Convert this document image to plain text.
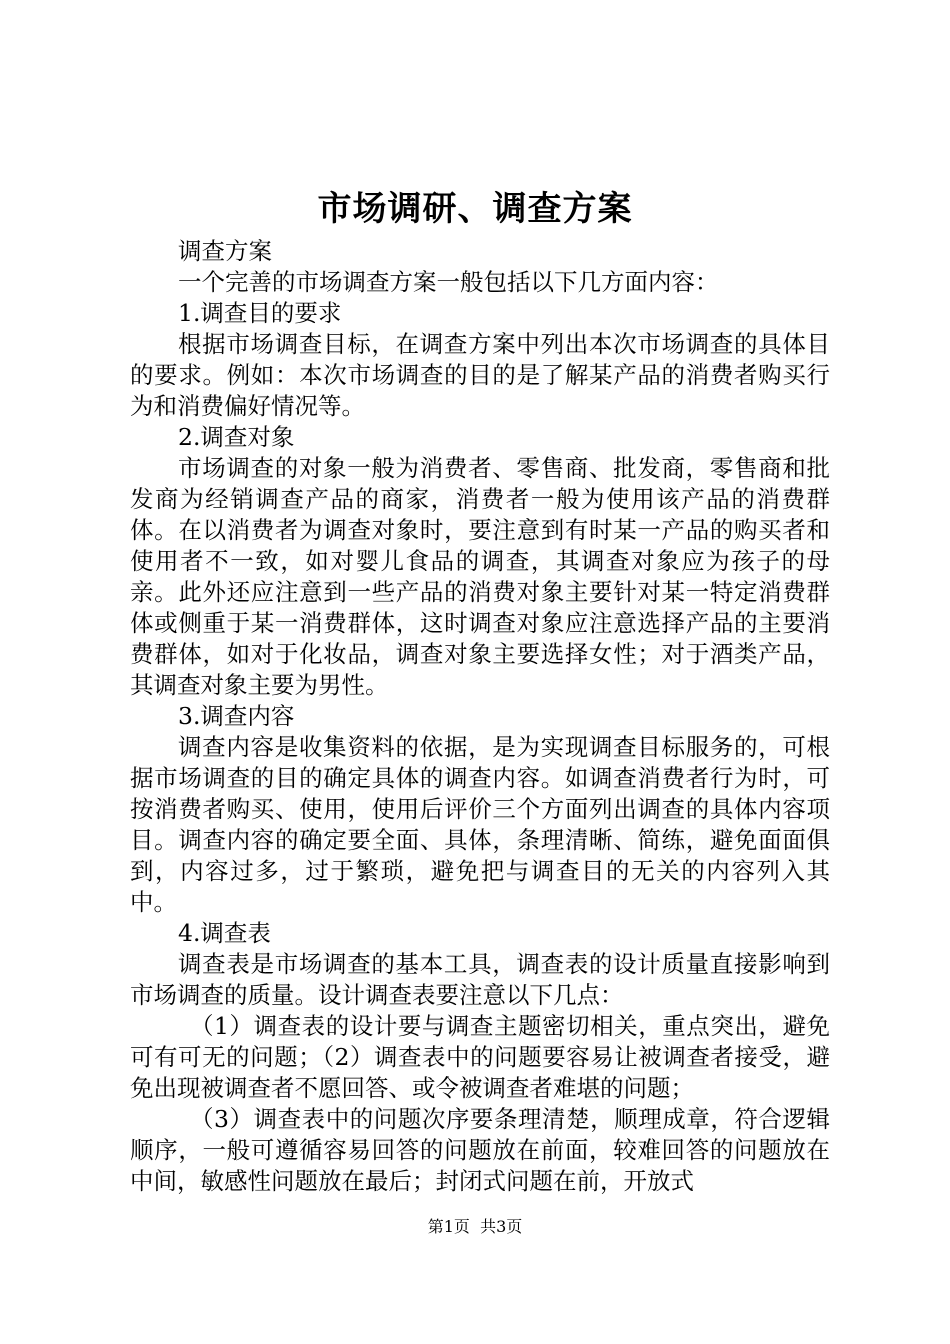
市场调研、调查方案

调查方案

一个完善的市场调查方案一般包括以下几方面内容：

1.调查目的要求

根据市场调查目标，在调查方案中列出本次市场调查的具体目的要求。例如：本次市场调查的目的是了解某产品的消费者购买行为和消费偏好情况等。

2.调查对象

市场调查的对象一般为消费者、零售商、批发商，零售商和批发商为经销调查产品的商家，消费者一般为使用该产品的消费群体。在以消费者为调查对象时，要注意到有时某一产品的购买者和使用者不一致，如对婴儿食品的调查，其调查对象应为孩子的母亲。此外还应注意到一些产品的消费对象主要针对某一特定消费群体或侧重于某一消费群体，这时调查对象应注意选择产品的主要消费群体，如对于化妆品，调查对象主要选择女性；对于酒类产品，其调查对象主要为男性。

3.调查内容

调查内容是收集资料的依据，是为实现调查目标服务的，可根据市场调查的目的确定具体的调查内容。如调查消费者行为时，可按消费者购买、使用，使用后评价三个方面列出调查的具体内容项目。调查内容的确定要全面、具体，条理清晰、简练，避免面面俱到，内容过多，过于繁琐，避免把与调查目的无关的内容列入其中。

4.调查表

调查表是市场调查的基本工具，调查表的设计质量直接影响到市场调查的质量。设计调查表要注意以下几点：

（1）调查表的设计要与调查主题密切相关，重点突出，避免可有可无的问题；（2）调查表中的问题要容易让被调查者接受，避免出现被调查者不愿回答、或令被调查者难堪的问题；

（3）调查表中的问题次序要条理清楚，顺理成章，符合逻辑顺序，一般可遵循容易回答的问题放在前面，较难回答的问题放在中间，敏感性问题放在最后；封闭式问题在前，开放式

第1页 共3页
